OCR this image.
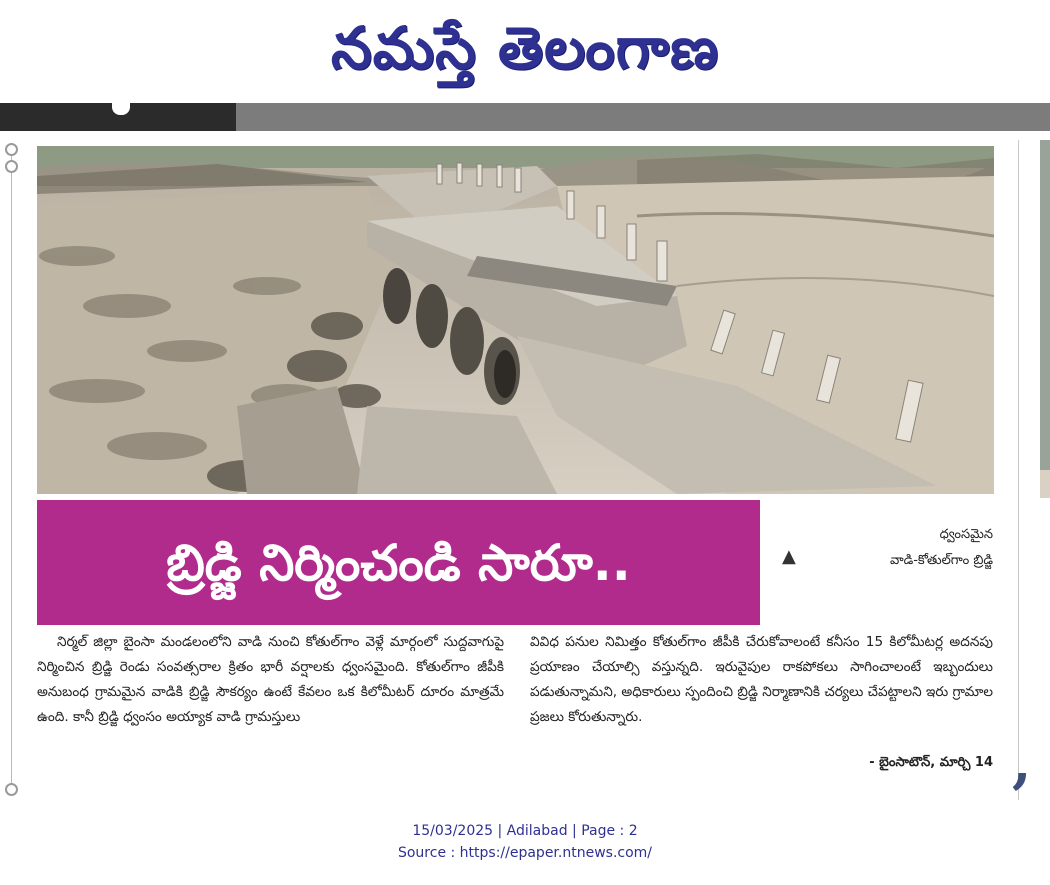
నమస్తే తెలంగాణ
,
బ్రిడ్జి నిర్మించండి సారూ..	▲
ధ్వంసమైన
వాడి-కోతుల్‌గాం బ్రిడ్జి
నిర్మల్ జిల్లా బైంసా మండలంలోని వాడి నుంచి కోతుల్‌గాం వెళ్లే మార్గంలో సుద్దవాగుపై నిర్మించిన బ్రిడ్జి రెండు సంవత్సరాల క్రితం భారీ వర్షాలకు ధ్వంసమైంది. కోతుల్‌గాం జీపీకి అనుబంధ గ్రామమైన వాడికి బ్రిడ్జి సౌకర్యం ఉంటే కేవలం ఒక కిలోమీటర్ దూరం మాత్రమే ఉంది. కానీ బ్రిడ్జి ధ్వంసం అయ్యాక వాడి గ్రామస్తులు
వివిధ పనుల నిమిత్తం కోతుల్‌గాం జీపీకి చేరుకోవాలంటే కనీసం 15 కిలోమీటర్ల అదనపు ప్రయాణం చేయాల్సి వస్తున్నది. ఇరువైపుల రాకపోకలు సాగించాలంటే ఇబ్బందులు పడుతున్నామని, అధికారులు స్పందించి బ్రిడ్జి నిర్మాణానికి చర్యలు చేపట్టాలని ఇరు గ్రామాల ప్రజలు కోరుతున్నారు.
- బైంసాటౌన్, మార్చి 14
15/03/2025 | Adilabad | Page : 2
Source : https://epaper.ntnews.com/
